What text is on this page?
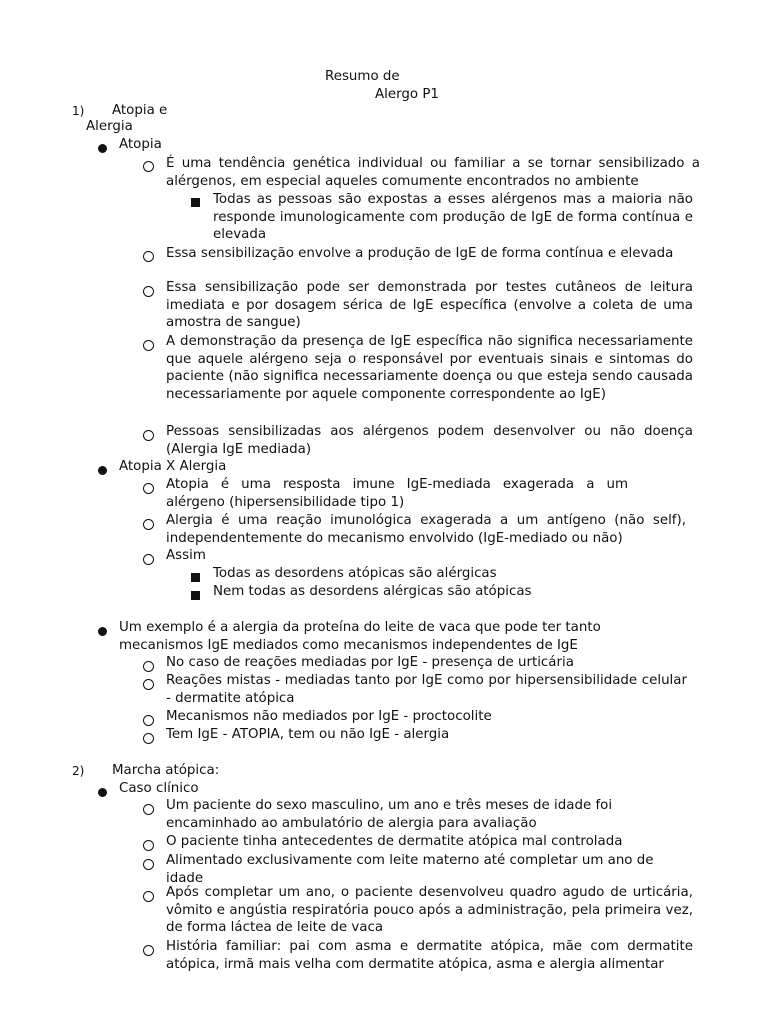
Resumo de
Alergo P1
1) Atopia e
Alergia
Atopia
É uma tendência genética individual ou familiar a se tornar sensibilizado a alérgenos, em especial aqueles comumente encontrados no ambiente
Todas as pessoas são expostas a esses alérgenos mas a maioria não responde imunologicamente com produção de IgE de forma contínua e elevada
Essa sensibilização envolve a produção de IgE de forma contínua e elevada
Essa sensibilização pode ser demonstrada por testes cutâneos de leitura imediata e por dosagem sérica de IgE específica (envolve a coleta de uma amostra de sangue)
A demonstração da presença de IgE específica não significa necessariamente que aquele alérgeno seja o responsável por eventuais sinais e sintomas do paciente (não significa necessariamente doença ou que esteja sendo causada necessariamente por aquele componente correspondente ao IgE)
Pessoas sensibilizadas aos alérgenos podem desenvolver ou não doença (Alergia IgE mediada)
Atopia X Alergia
Atopia é uma resposta imune IgE-mediada exagerada a um alérgeno (hipersensibilidade tipo 1)
Alergia é uma reação imunológica exagerada a um antígeno (não self), independentemente do mecanismo envolvido (IgE-mediado ou não)
Assim
Todas as desordens atópicas são alérgicas
Nem todas as desordens alérgicas são atópicas
Um exemplo é a alergia da proteína do leite de vaca que pode ter tanto mecanismos IgE mediados como mecanismos independentes de IgE
No caso de reações mediadas por IgE - presença de urticária
Reações mistas - mediadas tanto por IgE como por hipersensibilidade celular - dermatite atópica
Mecanismos não mediados por IgE - proctocolite
Tem IgE - ATOPIA, tem ou não IgE - alergia
2) Marcha atópica:
Caso clínico
Um paciente do sexo masculino, um ano e três meses de idade foi encaminhado ao ambulatório de alergia para avaliação
O paciente tinha antecedentes de dermatite atópica mal controlada
Alimentado exclusivamente com leite materno até completar um ano de idade
Após completar um ano, o paciente desenvolveu quadro agudo de urticária, vômito e angústia respiratória pouco após a administração, pela primeira vez, de forma láctea de leite de vaca
História familiar: pai com asma e dermatite atópica, mãe com dermatite atópica, irmã mais velha com dermatite atópica, asma e alergia alimentar
